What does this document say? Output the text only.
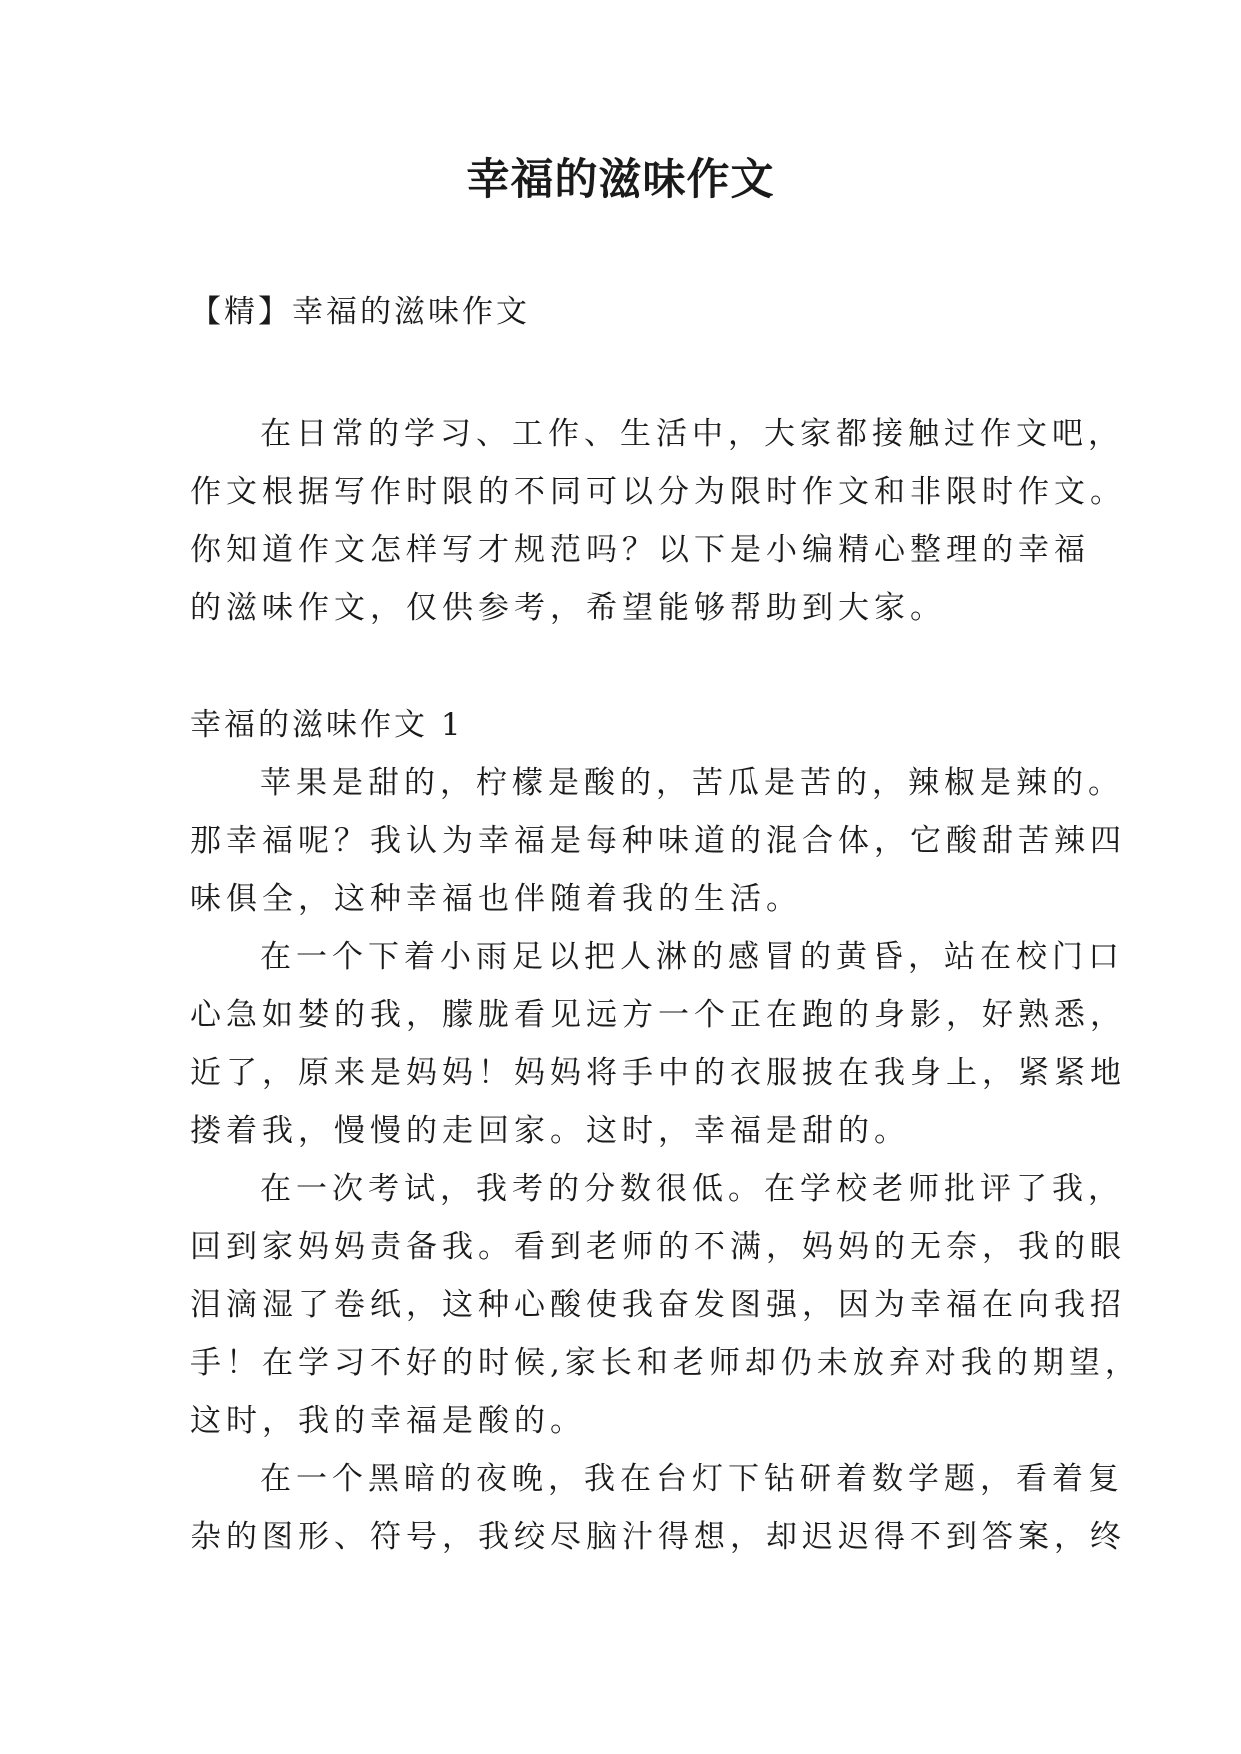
幸福的滋味作文

【精】幸福的滋味作文

在日常的学习、工作、生活中，大家都接触过作文吧，
作文根据写作时限的不同可以分为限时作文和非限时作文。
你知道作文怎样写才规范吗？以下是小编精心整理的幸福
的滋味作文，仅供参考，希望能够帮助到大家。

幸福的滋味作文 1

苹果是甜的，柠檬是酸的，苦瓜是苦的，辣椒是辣的。
那幸福呢？我认为幸福是每种味道的混合体，它酸甜苦辣四
味俱全，这种幸福也伴随着我的生活。
在一个下着小雨足以把人淋的感冒的黄昏，站在校门口
心急如婪的我，朦胧看见远方一个正在跑的身影，好熟悉，
近了，原来是妈妈！妈妈将手中的衣服披在我身上，紧紧地
搂着我，慢慢的走回家。这时，幸福是甜的。
在一次考试，我考的分数很低。在学校老师批评了我，
回到家妈妈责备我。看到老师的不满，妈妈的无奈，我的眼
泪滴湿了卷纸，这种心酸使我奋发图强，因为幸福在向我招
手！在学习不好的时候,家长和老师却仍未放弃对我的期望，
这时，我的幸福是酸的。
在一个黑暗的夜晚，我在台灯下钻研着数学题，看着复
杂的图形、符号，我绞尽脑汁得想，却迟迟得不到答案，终
